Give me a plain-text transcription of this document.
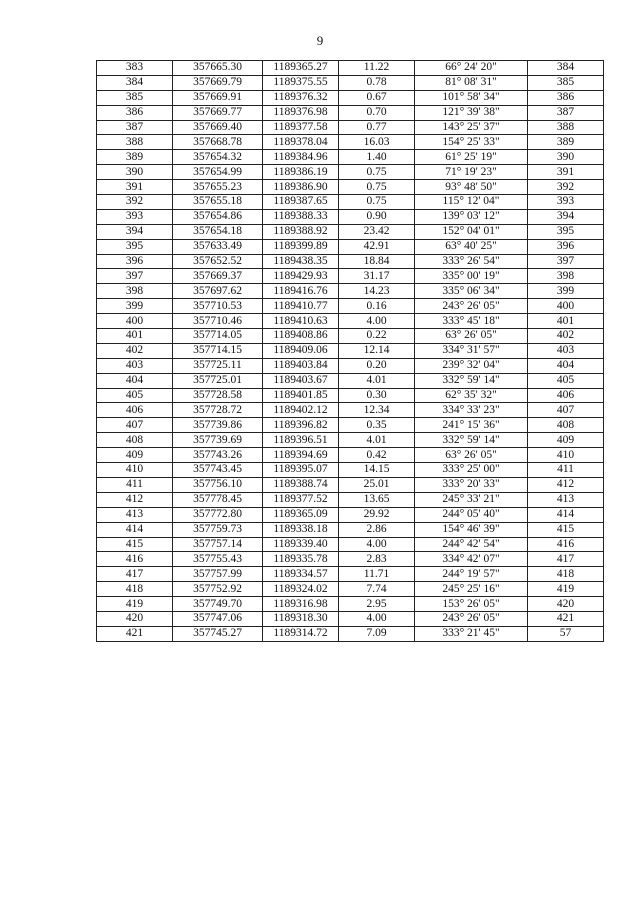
9
383	357665.30	1189365.27	11.22	66° 24' 20"	384
384	357669.79	1189375.55	0.78	81° 08' 31"	385
385	357669.91	1189376.32	0.67	101° 58' 34"	386
386	357669.77	1189376.98	0.70	121° 39' 38"	387
387	357669.40	1189377.58	0.77	143° 25' 37"	388
388	357668.78	1189378.04	16.03	154° 25' 33"	389
389	357654.32	1189384.96	1.40	61° 25' 19"	390
390	357654.99	1189386.19	0.75	71° 19' 23"	391
391	357655.23	1189386.90	0.75	93° 48' 50"	392
392	357655.18	1189387.65	0.75	115° 12' 04"	393
393	357654.86	1189388.33	0.90	139° 03' 12"	394
394	357654.18	1189388.92	23.42	152° 04' 01"	395
395	357633.49	1189399.89	42.91	63° 40' 25"	396
396	357652.52	1189438.35	18.84	333° 26' 54"	397
397	357669.37	1189429.93	31.17	335° 00' 19"	398
398	357697.62	1189416.76	14.23	335° 06' 34"	399
399	357710.53	1189410.77	0.16	243° 26' 05"	400
400	357710.46	1189410.63	4.00	333° 45' 18"	401
401	357714.05	1189408.86	0.22	63° 26' 05"	402
402	357714.15	1189409.06	12.14	334° 31' 57"	403
403	357725.11	1189403.84	0.20	239° 32' 04"	404
404	357725.01	1189403.67	4.01	332° 59' 14"	405
405	357728.58	1189401.85	0.30	62° 35' 32"	406
406	357728.72	1189402.12	12.34	334° 33' 23"	407
407	357739.86	1189396.82	0.35	241° 15' 36"	408
408	357739.69	1189396.51	4.01	332° 59' 14"	409
409	357743.26	1189394.69	0.42	63° 26' 05"	410
410	357743.45	1189395.07	14.15	333° 25' 00"	411
411	357756.10	1189388.74	25.01	333° 20' 33"	412
412	357778.45	1189377.52	13.65	245° 33' 21"	413
413	357772.80	1189365.09	29.92	244° 05' 40"	414
414	357759.73	1189338.18	2.86	154° 46' 39"	415
415	357757.14	1189339.40	4.00	244° 42' 54"	416
416	357755.43	1189335.78	2.83	334° 42' 07"	417
417	357757.99	1189334.57	11.71	244° 19' 57"	418
418	357752.92	1189324.02	7.74	245° 25' 16"	419
419	357749.70	1189316.98	2.95	153° 26' 05"	420
420	357747.06	1189318.30	4.00	243° 26' 05"	421
421	357745.27	1189314.72	7.09	333° 21' 45"	57
